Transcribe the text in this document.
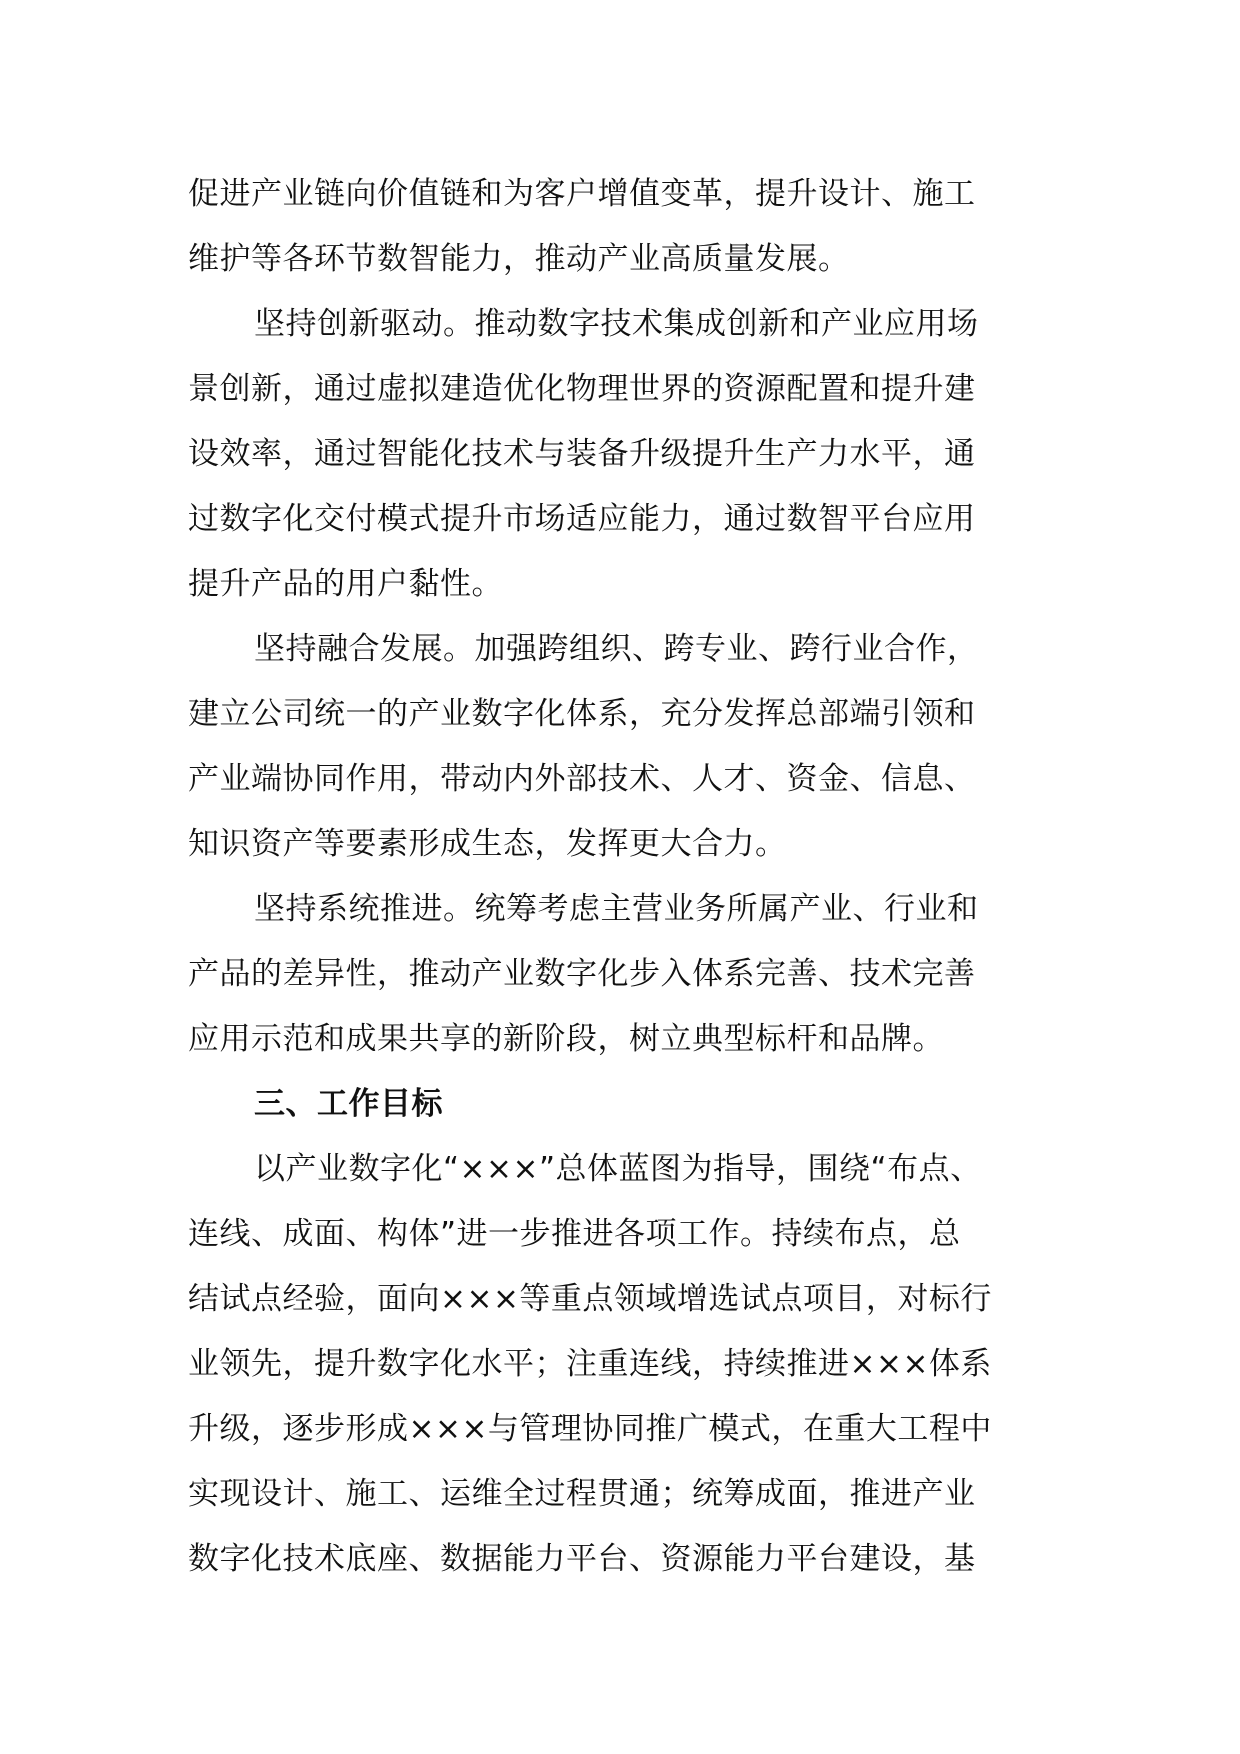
促进产业链向价值链和为客户增值变革，提升设计、施工
维护等各环节数智能力，推动产业高质量发展。
坚持创新驱动。推动数字技术集成创新和产业应用场
景创新，通过虚拟建造优化物理世界的资源配置和提升建
设效率，通过智能化技术与装备升级提升生产力水平，通
过数字化交付模式提升市场适应能力，通过数智平台应用
提升产品的用户黏性。
坚持融合发展。加强跨组织、跨专业、跨行业合作，
建立公司统一的产业数字化体系，充分发挥总部端引领和
产业端协同作用，带动内外部技术、人才、资金、信息、
知识资产等要素形成生态，发挥更大合力。
坚持系统推进。统筹考虑主营业务所属产业、行业和
产品的差异性，推动产业数字化步入体系完善、技术完善
应用示范和成果共享的新阶段，树立典型标杆和品牌。
三、工作目标
以产业数字化“×××”总体蓝图为指导，围绕“布点、
连线、成面、构体”进一步推进各项工作。持续布点，总
结试点经验，面向×××等重点领域增选试点项目，对标行
业领先，提升数字化水平；注重连线，持续推进×××体系
升级，逐步形成×××与管理协同推广模式，在重大工程中
实现设计、施工、运维全过程贯通；统筹成面，推进产业
数字化技术底座、数据能力平台、资源能力平台建设，基
